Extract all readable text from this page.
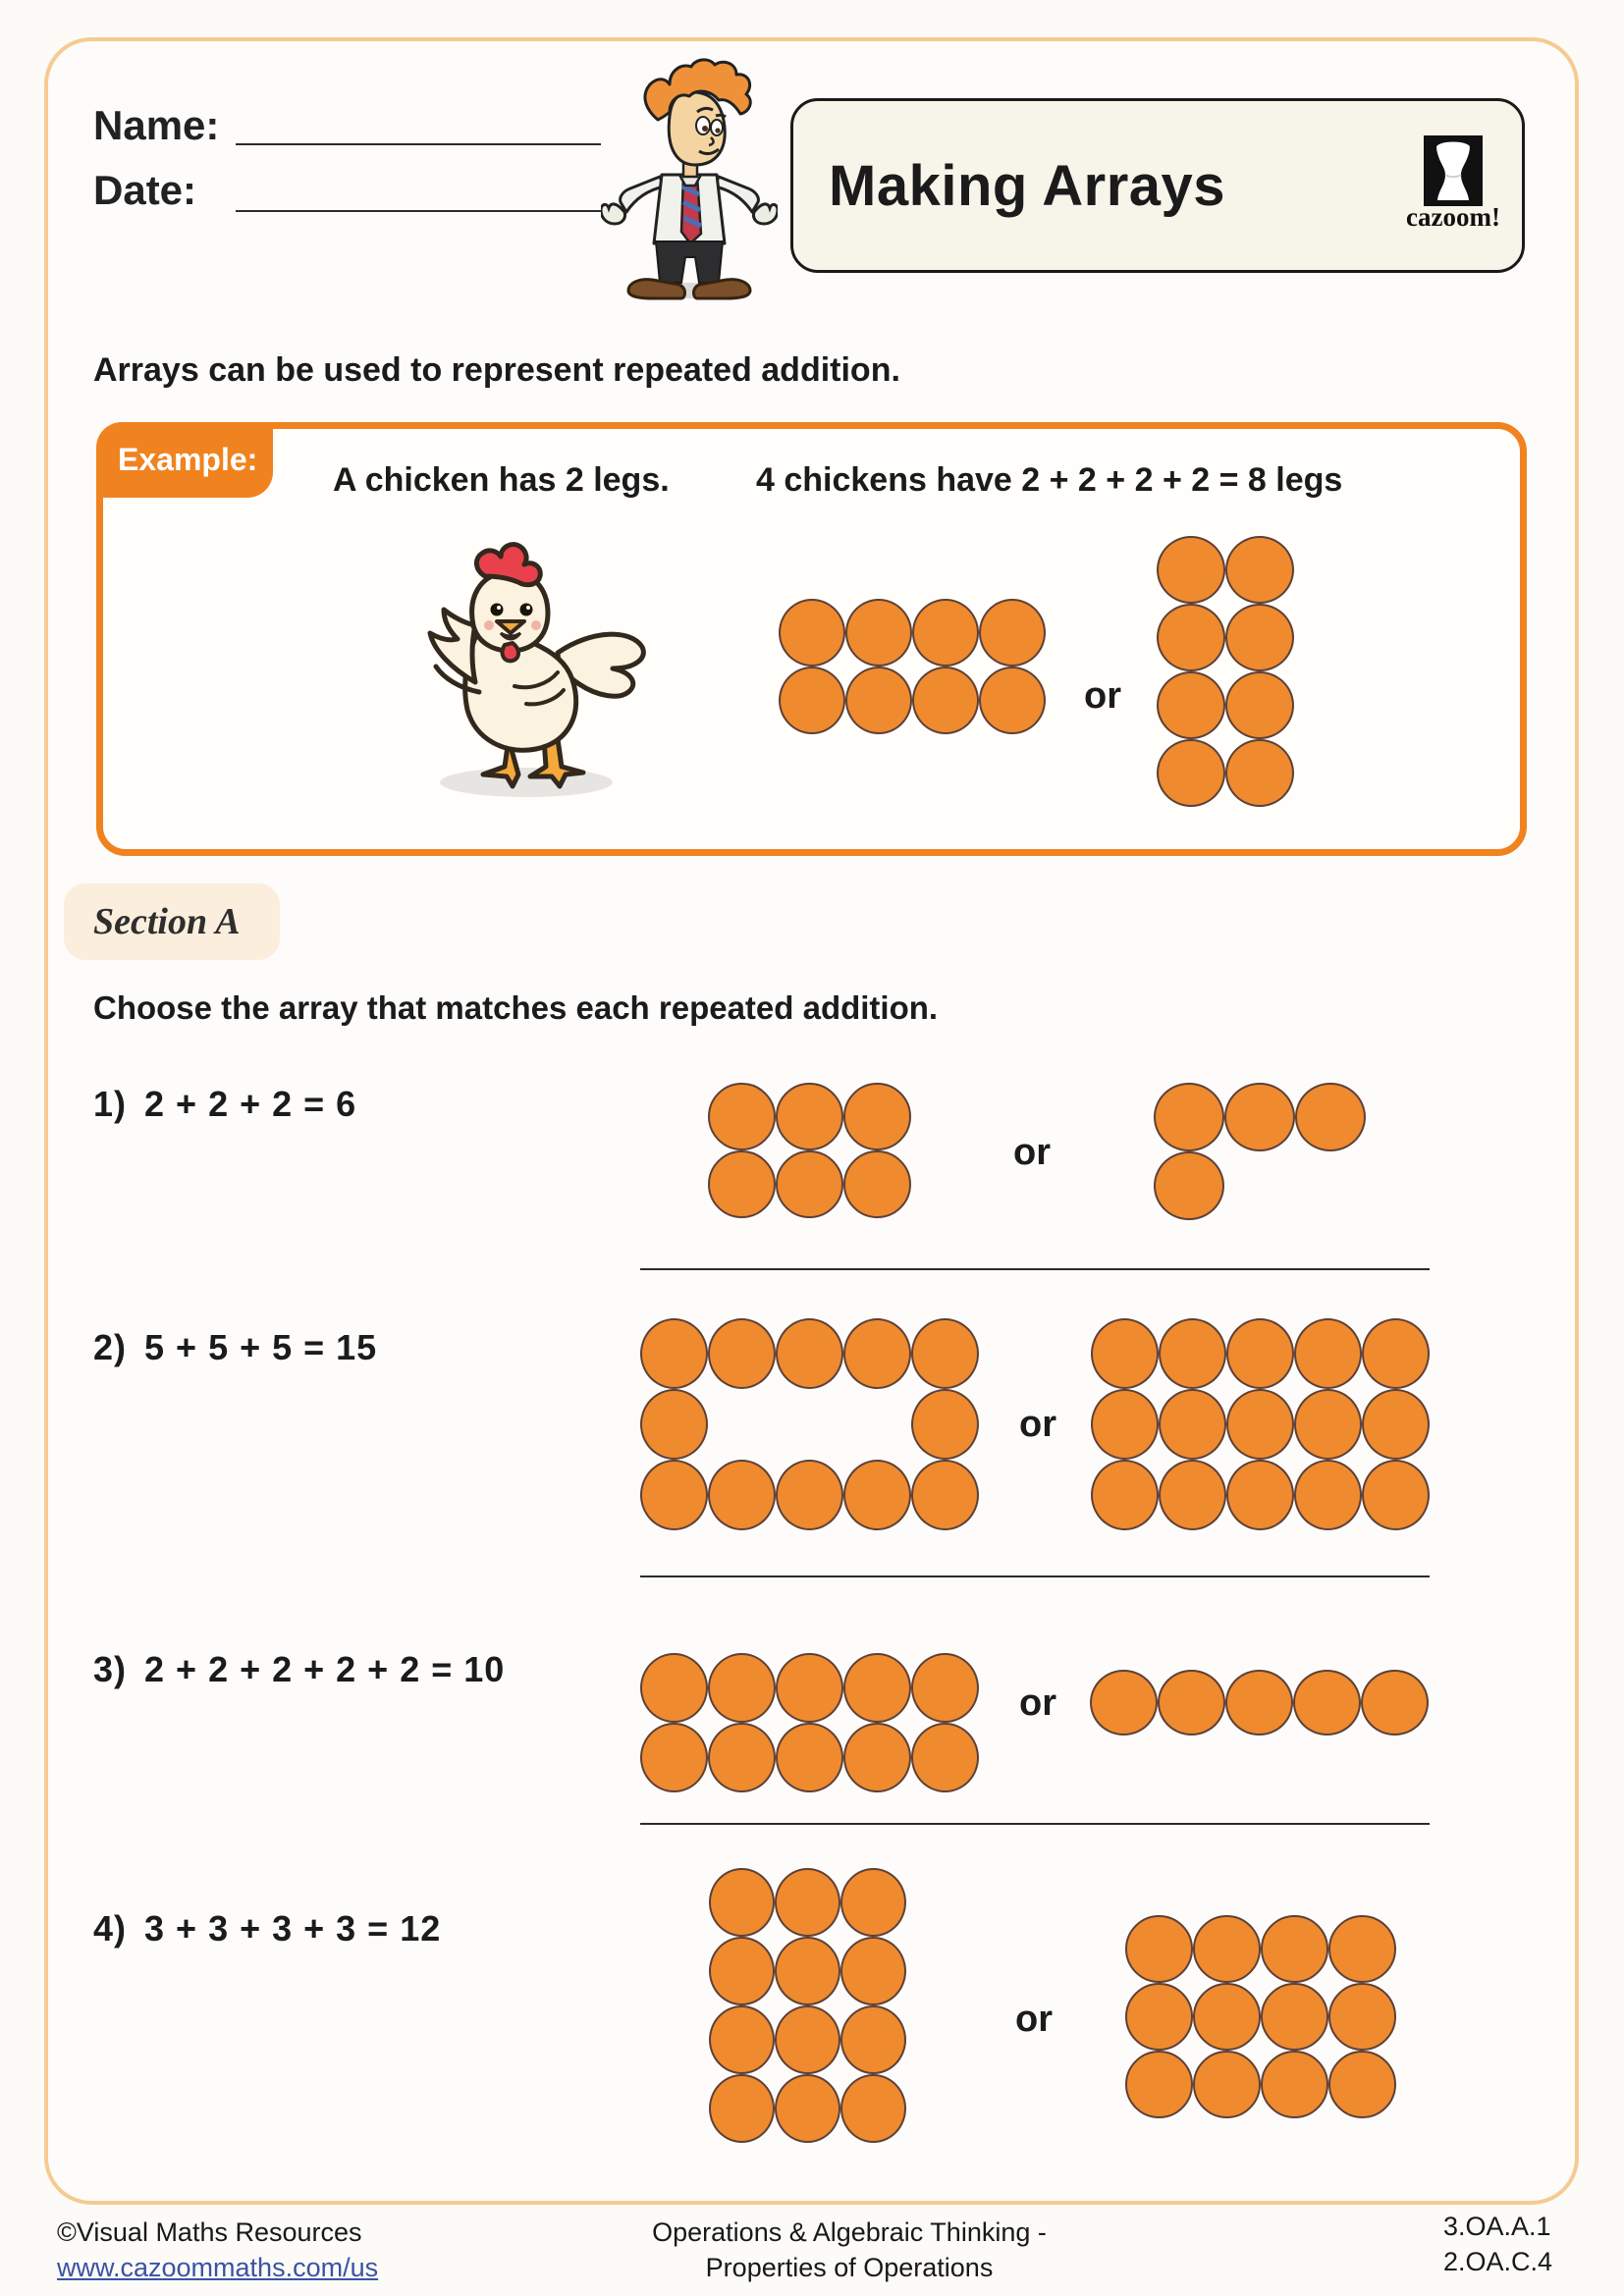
Name:
Date:	Making Arrays	cazoom!
Arrays can be used to represent repeated addition.
Example:
A chicken has 2 legs.	4 chickens have 2 + 2 + 2 + 2 = 8 legs
or
Section A
Choose the array that matches each repeated addition.
1) 2 + 2 + 2 = 6
or
2) 5 + 5 + 5 = 15
or
3) 2 + 2 + 2 + 2 + 2 = 10
or
4) 3 + 3 + 3 + 3 = 12
or
©Visual Maths Resources
www.cazoommaths.com/us
Operations & Algebraic Thinking -
Properties of Operations
3.OA.A.1
2.OA.C.4
